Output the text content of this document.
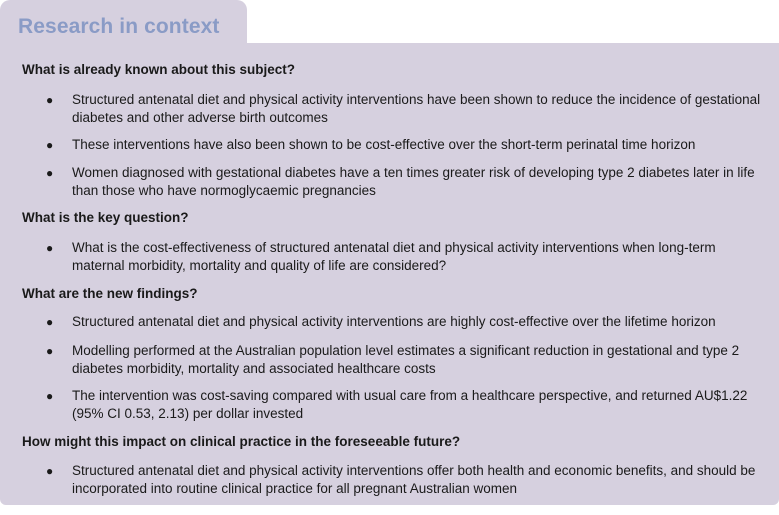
Research in context
What is already known about this subject?
● Structured antenatal diet and physical activity interventions have been shown to reduce the incidence of gestational diabetes and other adverse birth outcomes
● These interventions have also been shown to be cost-effective over the short-term perinatal time horizon
● Women diagnosed with gestational diabetes have a ten times greater risk of developing type 2 diabetes later in life than those who have normoglycaemic pregnancies
What is the key question?
● What is the cost-effectiveness of structured antenatal diet and physical activity interventions when long-term maternal morbidity, mortality and quality of life are considered?
What are the new findings?
● Structured antenatal diet and physical activity interventions are highly cost-effective over the lifetime horizon
● Modelling performed at the Australian population level estimates a significant reduction in gestational and type 2 diabetes morbidity, mortality and associated healthcare costs
● The intervention was cost-saving compared with usual care from a healthcare perspective, and returned AU$1.22 (95% CI 0.53, 2.13) per dollar invested
How might this impact on clinical practice in the foreseeable future?
● Structured antenatal diet and physical activity interventions offer both health and economic benefits, and should be incorporated into routine clinical practice for all pregnant Australian women
